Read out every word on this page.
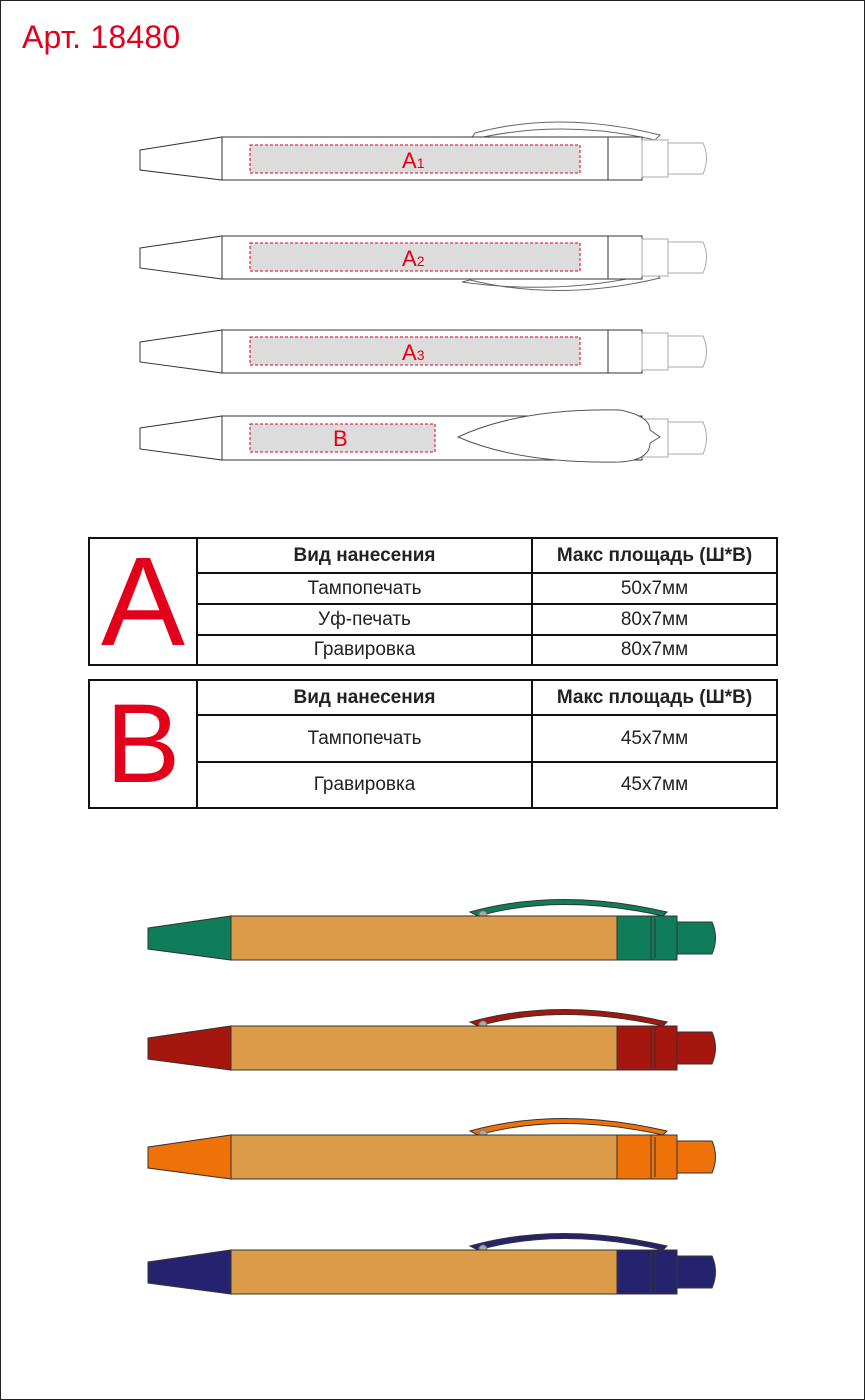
Арт. 18480
A1
A2
A3
B
A	Вид нанесения	Макс площадь (Ш*В)
Тампопечать	50x7мм
Уф-печать	80x7мм
Гравировка	80x7мм
B	Вид нанесения	Макс площадь (Ш*В)
Тампопечать	45x7мм
Гравировка	45x7мм
